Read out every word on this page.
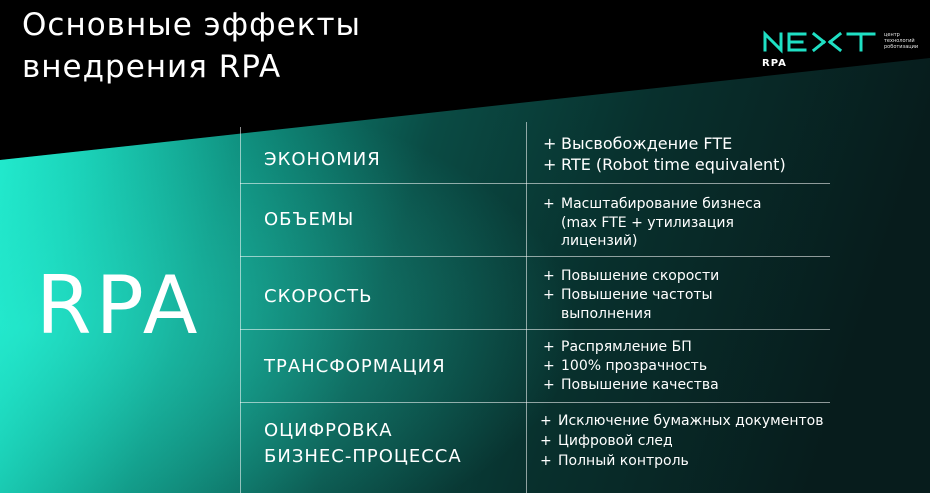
Основные эффекты
внедрения RPA
центр
технологий
роботизации
RPA
RPA
ЭКОНОМИЯ
+ Высвобождение FTE
+ RTE (Robot time equivalent)
ОБЪЕМЫ
+ Масштабирование бизнеса
(max FTE + утилизация
лицензий)
СКОРОСТЬ
+ Повышение скорости
+ Повышение частоты
выполнения
ТРАНСФОРМАЦИЯ
+ Распрямление БП
+ 100% прозрачность
+ Повышение качества
ОЦИФРОВКА
БИЗНЕС-ПРОЦЕССА
+ Исключение бумажных документов
+ Цифровой след
+ Полный контроль
